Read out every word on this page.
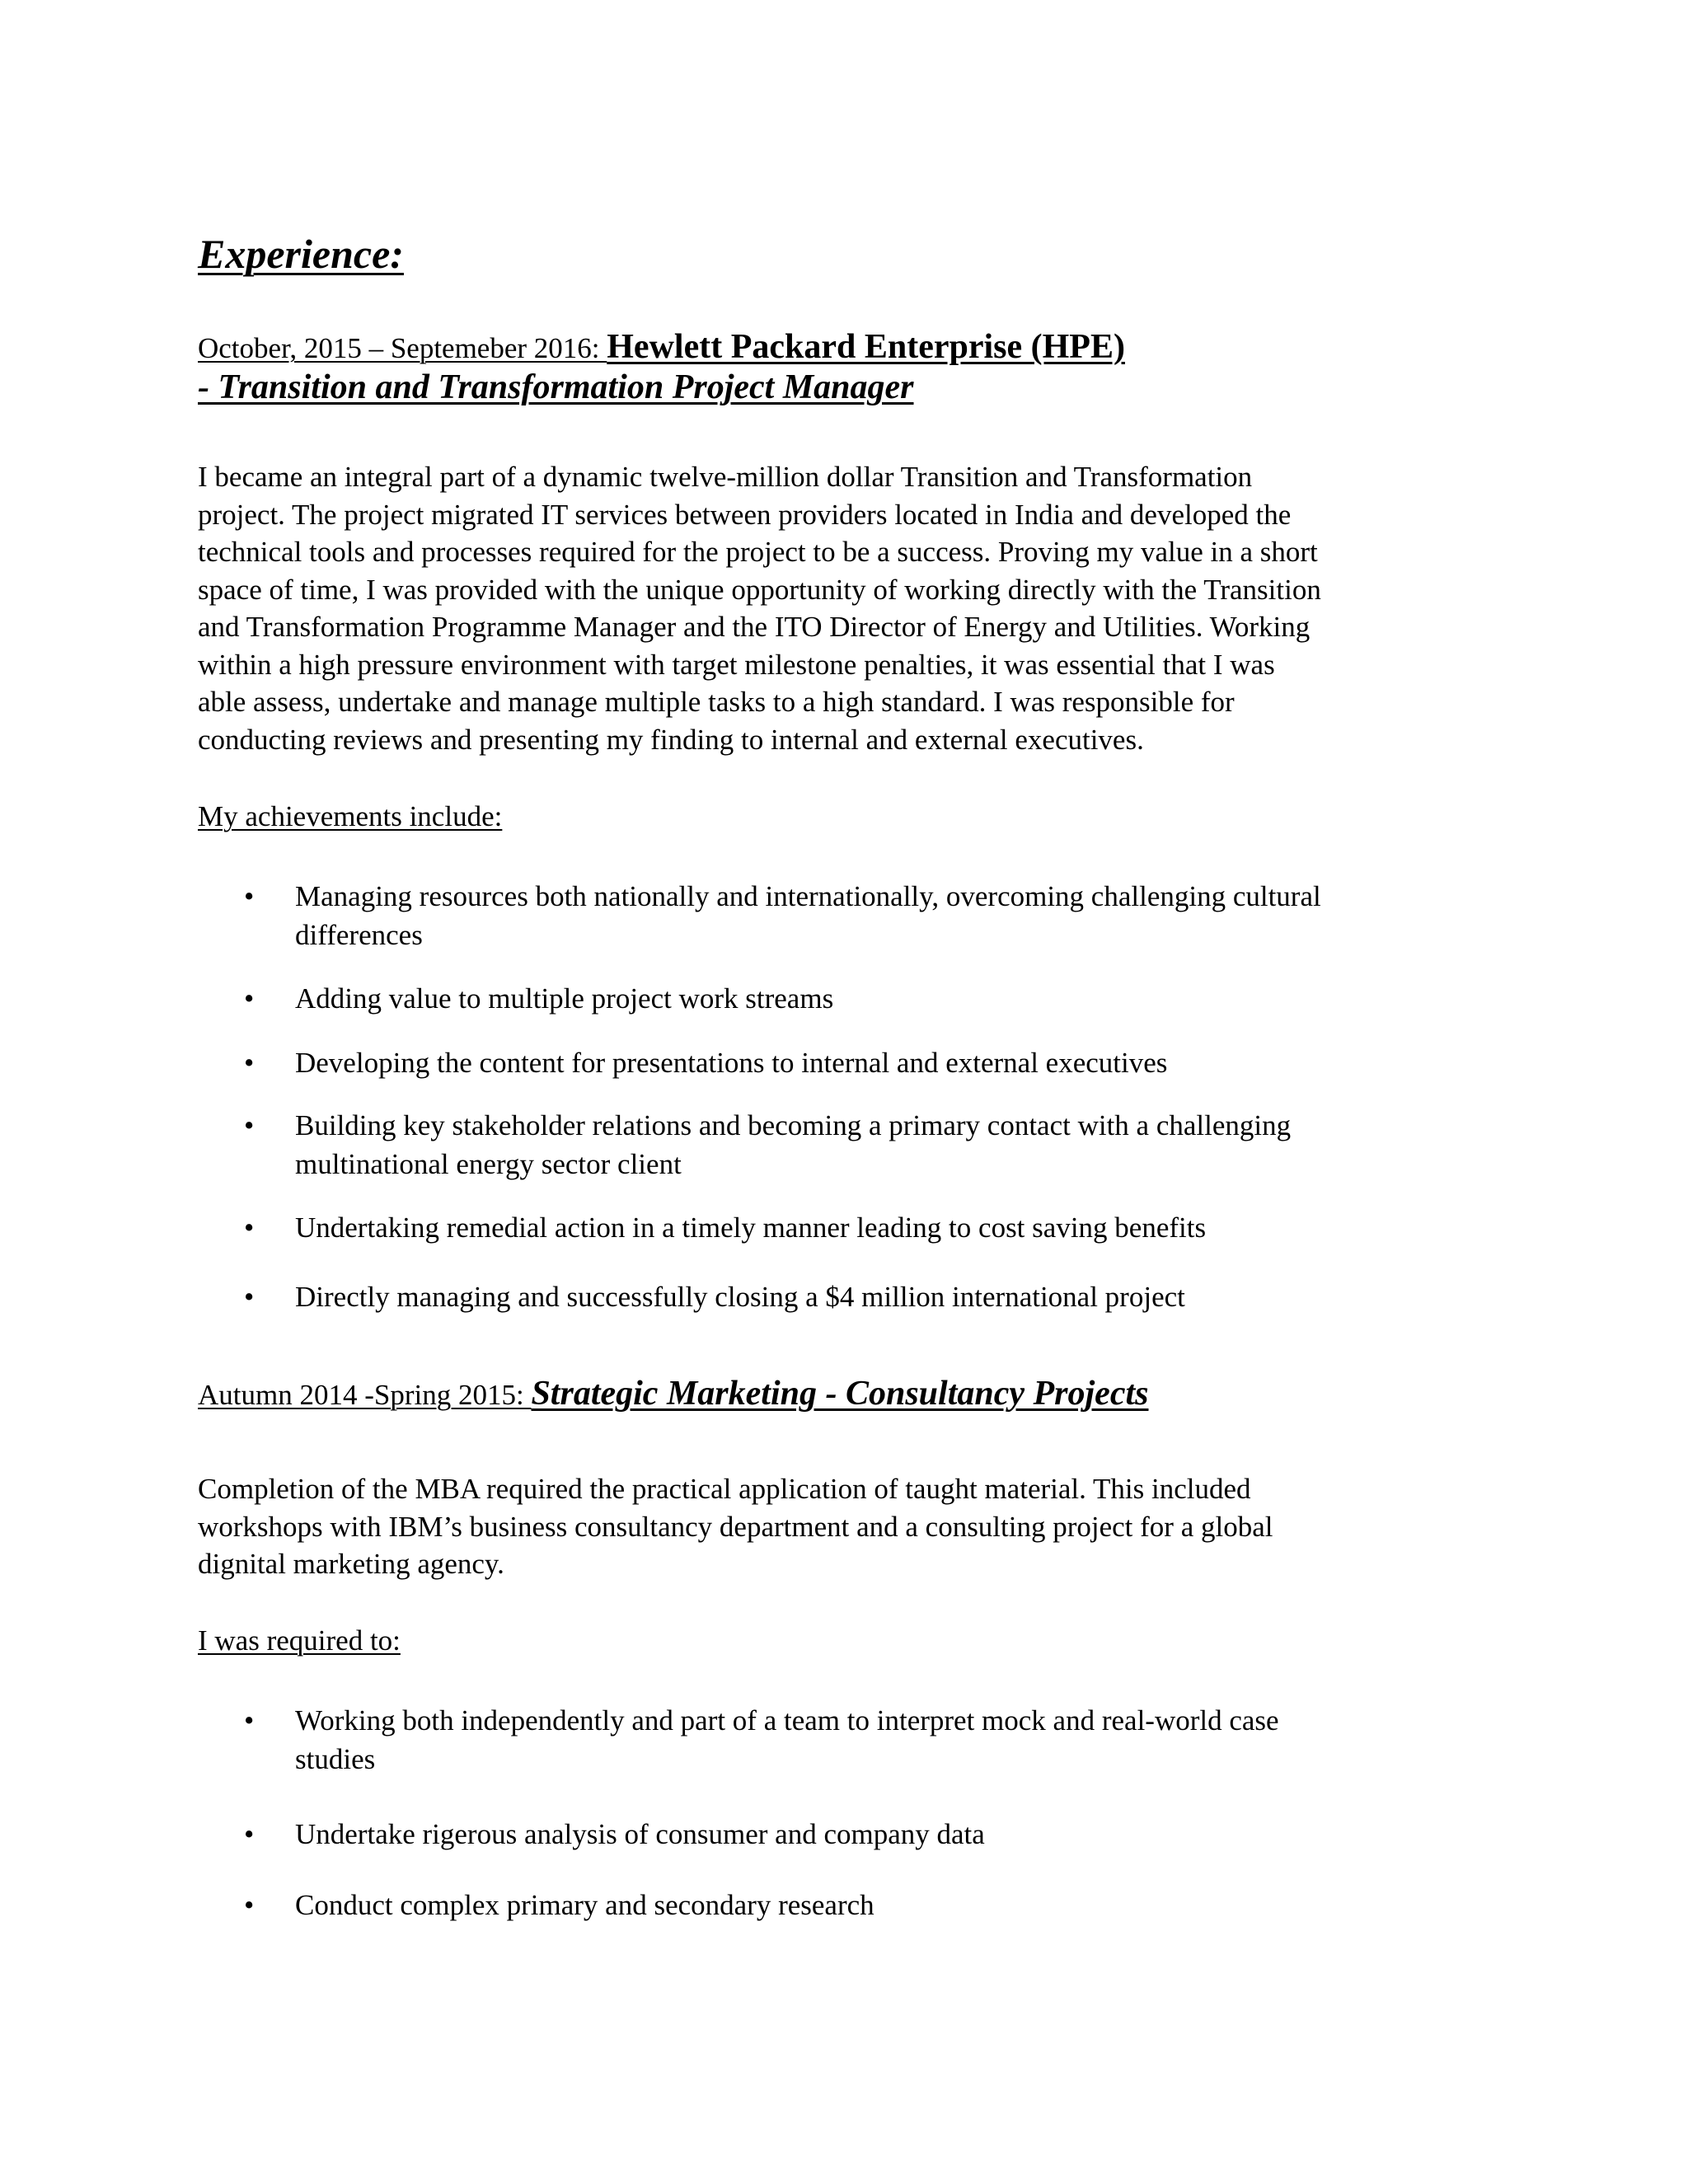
Experience:
October, 2015 – Septemeber 2016: Hewlett Packard Enterprise (HPE)
- Transition and Transformation Project Manager

I became an integral part of a dynamic twelve-million dollar Transition and Transformation
project. The project migrated IT services between providers located in India and developed the
technical tools and processes required for the project to be a success. Proving my value in a short
space of time, I was provided with the unique opportunity of working directly with the Transition
and Transformation Programme Manager and the ITO Director of Energy and Utilities. Working
within a high pressure environment with target milestone penalties, it was essential that I was
able assess, undertake and manage multiple tasks to a high standard. I was responsible for
conducting reviews and presenting my finding to internal and external executives.

My achievements include:

• Managing resources both nationally and internationally, overcoming challenging cultural
differences
• Adding value to multiple project work streams
• Developing the content for presentations to internal and external executives
• Building key stakeholder relations and becoming a primary contact with a challenging
multinational energy sector client
• Undertaking remedial action in a timely manner leading to cost saving benefits
• Directly managing and successfully closing a $4 million international project
Autumn 2014 -Spring 2015: Strategic Marketing - Consultancy Projects

Completion of the MBA required the practical application of taught material. This included
workshops with IBM’s business consultancy department and a consulting project for a global
dignital marketing agency.

I was required to:

• Working both independently and part of a team to interpret mock and real-world case
studies
• Undertake rigerous analysis of consumer and company data
• Conduct complex primary and secondary research
